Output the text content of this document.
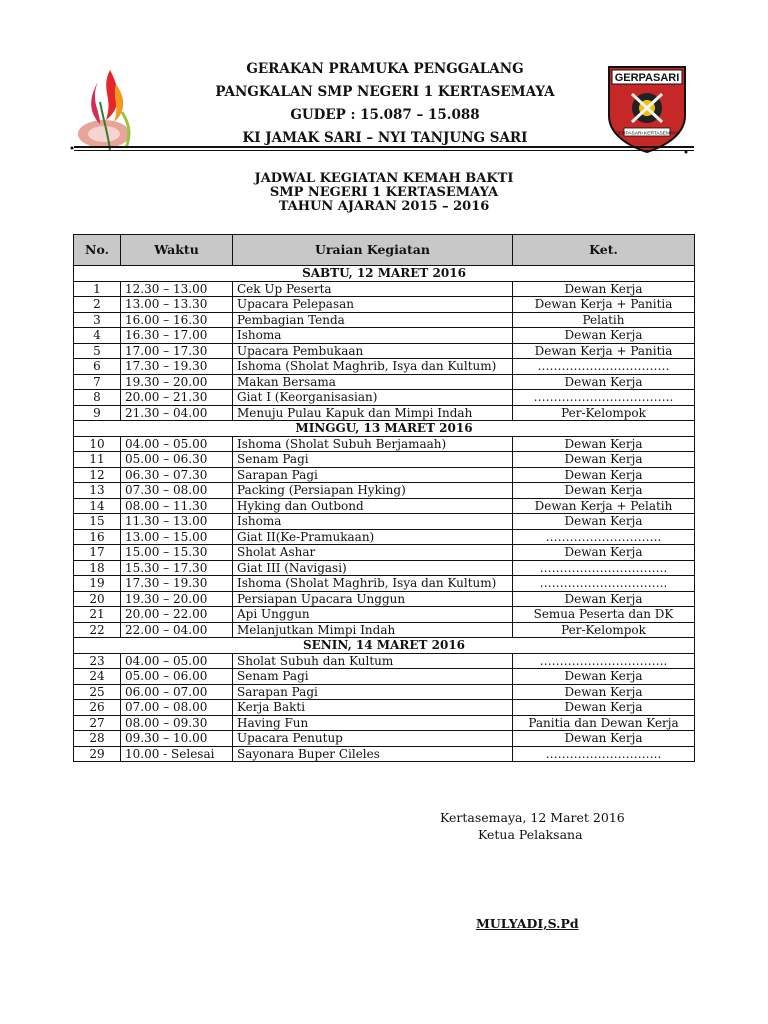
GERAKAN PRAMUKA PENGGALANG
PANGKALAN SMP NEGERI 1 KERTASEMAYA
GUDEP : 15.087 – 15.088
KI JAMAK SARI – NYI TANJUNG SARI
GERPASARI
GERPASARI KERTASEMAYA
JADWAL KEGIATAN KEMAH BAKTI
SMP NEGERI 1 KERTASEMAYA
TAHUN AJARAN 2015 – 2016
No.	Waktu	Uraian Kegiatan	Ket.
SABTU, 12 MARET 2016			
1	12.30 – 13.00	Cek Up Peserta	Dewan Kerja
2	13.00 – 13.30	Upacara Pelepasan	Dewan Kerja + Panitia
3	16.00 – 16.30	Pembagian Tenda	Pelatih
4	16.30 – 17.00	Ishoma	Dewan Kerja
5	17.00 – 17.30	Upacara Pembukaan	Dewan Kerja + Panitia
6	17.30 – 19.30	Ishoma (Sholat Maghrib, Isya dan Kultum)	……………………………
7	19.30 – 20.00	Makan Bersama	Dewan Kerja
8	20.00 – 21.30	Giat I (Keorganisasian)	……………………………..
9	21.30 – 04.00	Menuju Pulau Kapuk dan Mimpi Indah	Per-Kelompok
MINGGU, 13 MARET 2016			
10	04.00 – 05.00	Ishoma (Sholat Subuh Berjamaah)	Dewan Kerja
11	05.00 – 06.30	Senam Pagi	Dewan Kerja
12	06.30 – 07.30	Sarapan Pagi	Dewan Kerja
13	07.30 – 08.00	Packing (Persiapan Hyking)	Dewan Kerja
14	08.00 – 11.30	Hyking dan Outbond	Dewan Kerja + Pelatih
15	11.30 – 13.00	Ishoma	Dewan Kerja
16	13.00 – 15.00	Giat II(Ke-Pramukaan)	………………………..
17	15.00 – 15.30	Sholat Ashar	Dewan Kerja
18	15.30 – 17.30	Giat III (Navigasi)	…………………………..
19	17.30 – 19.30	Ishoma (Sholat Maghrib, Isya dan Kultum)	…………………………..
20	19.30 – 20.00	Persiapan Upacara Unggun	Dewan Kerja
21	20.00 – 22.00	Api Unggun	Semua Peserta dan DK
22	22.00 – 04.00	Melanjutkan Mimpi Indah	Per-Kelompok
SENIN, 14 MARET 2016			
23	04.00 – 05.00	Sholat Subuh dan Kultum	…………………………..
24	05.00 – 06.00	Senam Pagi	Dewan Kerja
25	06.00 – 07.00	Sarapan Pagi	Dewan Kerja
26	07.00 – 08.00	Kerja Bakti	Dewan Kerja
27	08.00 – 09.30	Having Fun	Panitia dan Dewan Kerja
28	09.30 – 10.00	Upacara Penutup	Dewan Kerja
29	10.00 - Selesai	Sayonara Buper Cileles	………………………..
Kertasemaya, 12 Maret 2016
Ketua Pelaksana
MULYADI,S.Pd
